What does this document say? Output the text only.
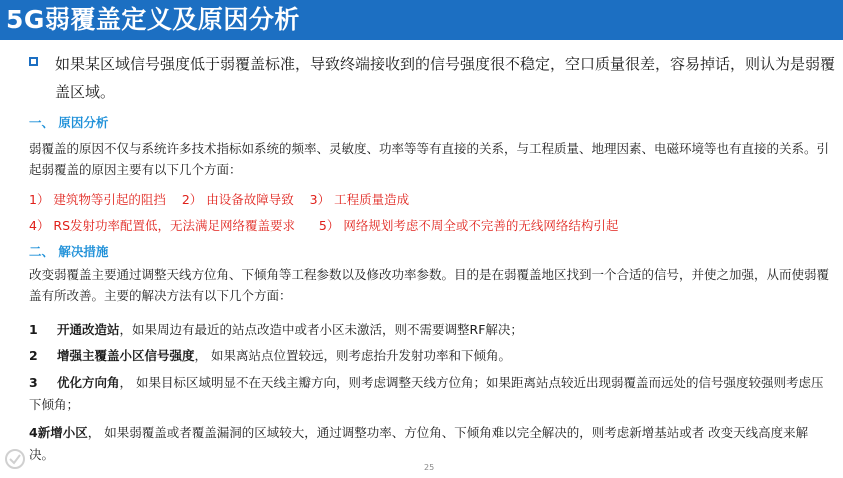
5G弱覆盖定义及原因分析
如果某区域信号强度低于弱覆盖标准，导致终端接收到的信号强度很不稳定，空口质量很差，容易掉话，则认为是弱覆盖区域。
一、 原因分析
弱覆盖的原因不仅与系统许多技术指标如系统的频率、灵敏度、功率等等有直接的关系，与工程质量、地理因素、电磁环境等也有直接的关系。引起弱覆盖的原因主要有以下几个方面：
1） 建筑物等引起的阻挡    2） 由设备故障导致    3） 工程质量造成
4） RS发射功率配置低，无法满足网络覆盖要求      5） 网络规划考虑不周全或不完善的无线网络结构引起
二、 解决措施
改变弱覆盖主要通过调整天线方位角、下倾角等工程参数以及修改功率参数。目的是在弱覆盖地区找到一个合适的信号，并使之加强，从而使弱覆盖有所改善。主要的解决方法有以下几个方面：
1 开通改造站，如果周边有最近的站点改造中或者小区未激活，则不需要调整RF解决；
2 增强主覆盖小区信号强度， 如果离站点位置较远，则考虑抬升发射功率和下倾角。
3 优化方向角， 如果目标区域明显不在天线主瓣方向，则考虑调整天线方位角；如果距离站点较近出现弱覆盖而远处的信号强度较强则考虑压下倾角；
4新增小区， 如果弱覆盖或者覆盖漏洞的区域较大，通过调整功率、方位角、下倾角难以完全解决的，则考虑新增基站或者 改变天线高度来解决。
25
